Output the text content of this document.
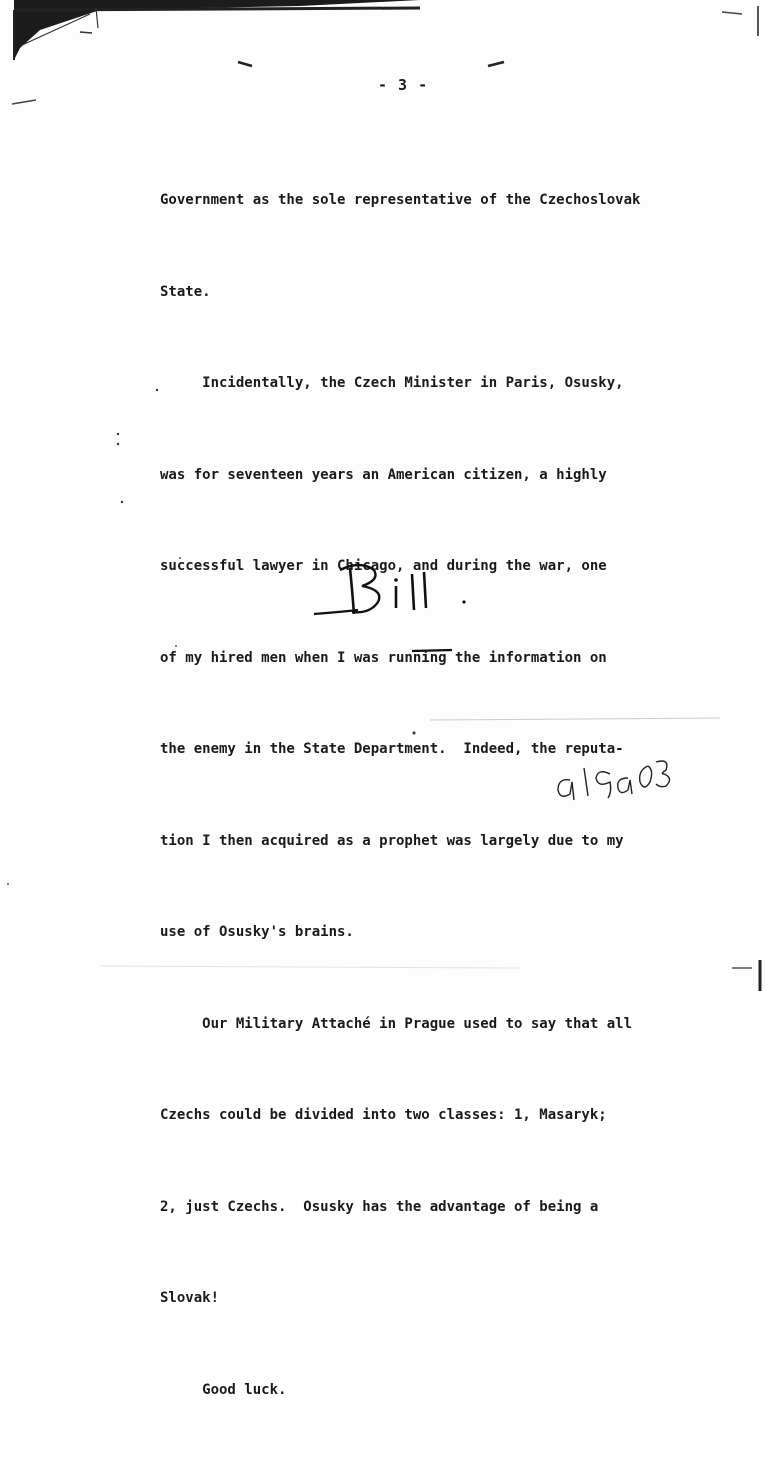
- 3 -

Government as the sole representative of the Czechoslovak

State.

Incidentally, the Czech Minister in Paris, Osusky,

was for seventeen years an American citizen, a highly

successful lawyer in Chicago, and during the war, one

of my hired men when I was running the information on

the enemy in the State Department.  Indeed, the reputa-

tion I then acquired as a prophet was largely due to my

use of Osusky's brains.

Our Military Attaché in Prague used to say that all

Czechs could be divided into two classes: 1, Masaryk;

2, just Czechs.  Osusky has the advantage of being a

Slovak!

Good luck.
